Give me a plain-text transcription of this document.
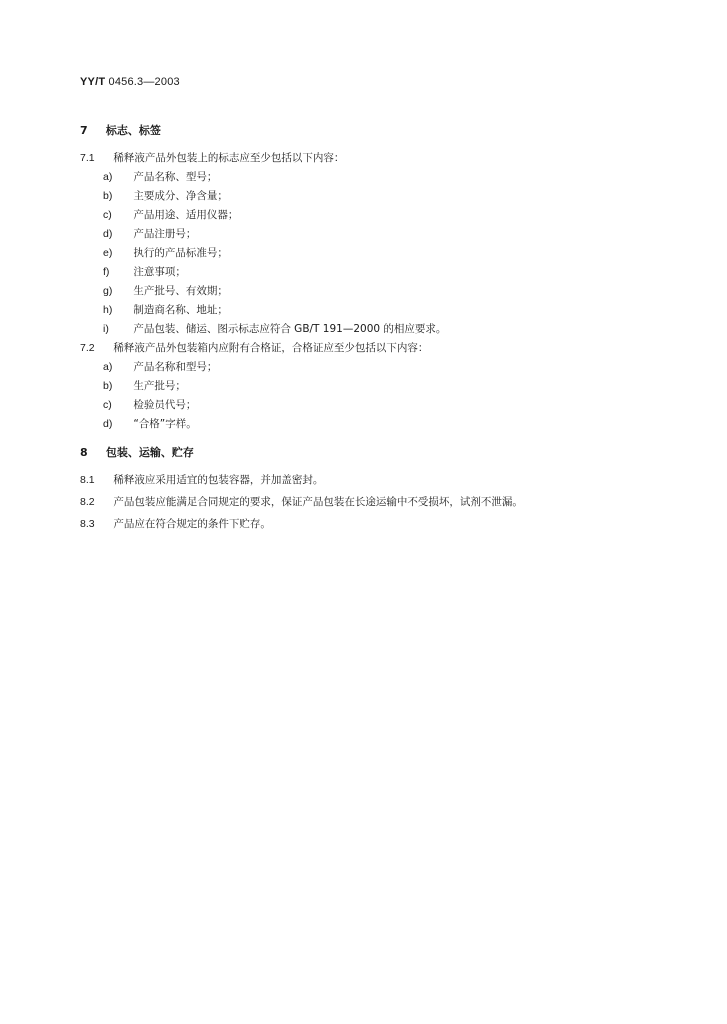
YY/T 0456.3—2003
7 标志、标签
7.1 稀释液产品外包装上的标志应至少包括以下内容：
a) 产品名称、型号；
b) 主要成分、净含量；
c) 产品用途、适用仪器；
d) 产品注册号；
e) 执行的产品标准号；
f) 注意事项；
g) 生产批号、有效期；
h) 制造商名称、地址；
i) 产品包装、储运、图示标志应符合 GB/T 191—2000 的相应要求。
7.2 稀释液产品外包装箱内应附有合格证，合格证应至少包括以下内容：
a) 产品名称和型号；
b) 生产批号；
c) 检验员代号；
d) “合格”字样。
8 包装、运输、贮存
8.1 稀释液应采用适宜的包装容器，并加盖密封。
8.2 产品包装应能满足合同规定的要求，保证产品包装在长途运输中不受损坏，试剂不泄漏。
8.3 产品应在符合规定的条件下贮存。
